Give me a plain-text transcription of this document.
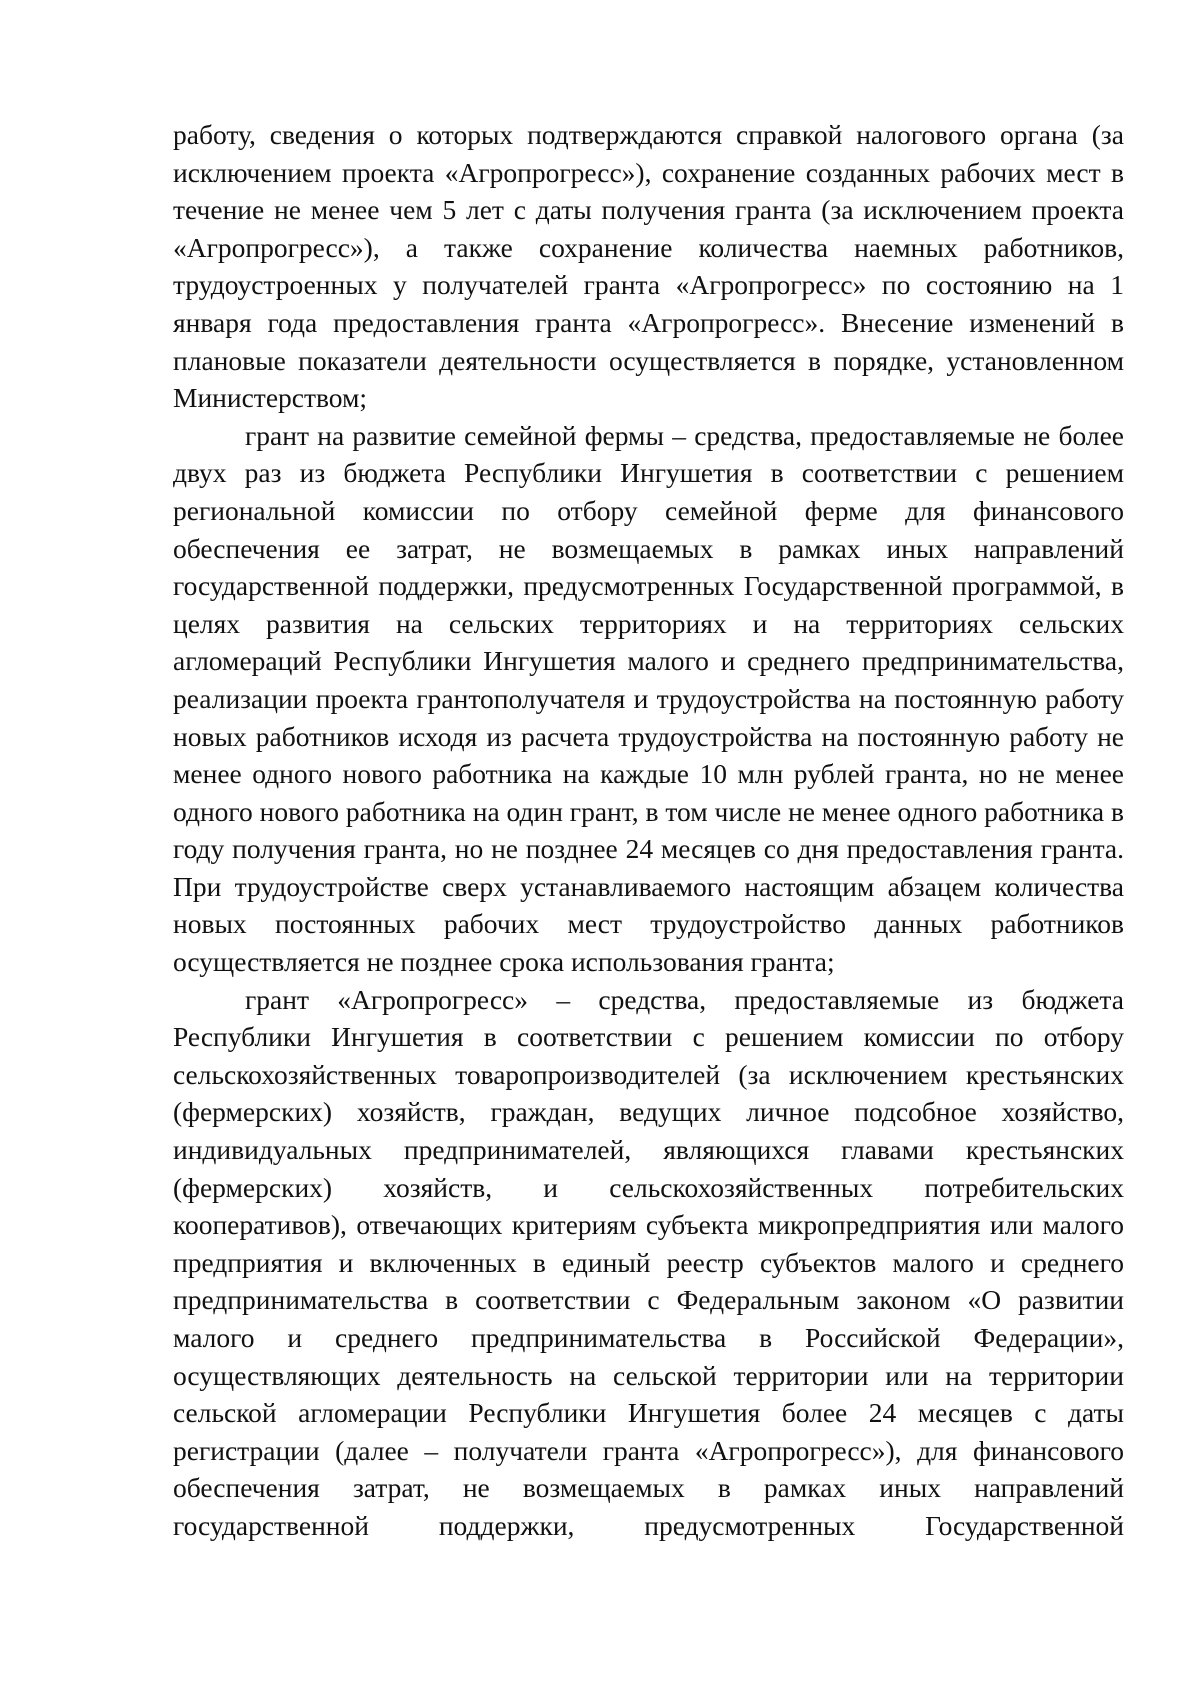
работу, сведения о которых подтверждаются справкой налогового органа (за исключением проекта «Агропрогресс»), сохранение созданных рабочих мест в течение не менее чем 5 лет с даты получения гранта (за исключением проекта «Агропрогресс»), а также сохранение количества наемных работников, трудоустроенных у получателей гранта «Агропрогресс» по состоянию на 1 января года предоставления гранта «Агропрогресс». Внесение изменений в плановые показатели деятельности осуществляется в порядке, установленном Министерством;

грант на развитие семейной фермы – средства, предоставляемые не более двух раз из бюджета Республики Ингушетия в соответствии с решением региональной комиссии по отбору семейной ферме для финансового обеспечения ее затрат, не возмещаемых в рамках иных направлений государственной поддержки, предусмотренных Государственной программой, в целях развития на сельских территориях и на территориях сельских агломераций Республики Ингушетия малого и среднего предпринимательства, реализации проекта грантополучателя и трудоустройства на постоянную работу новых работников исходя из расчета трудоустройства на постоянную работу не менее одного нового работника на каждые 10 млн рублей гранта, но не менее одного нового работника на один грант, в том числе не менее одного работника в году получения гранта, но не позднее 24 месяцев со дня предоставления гранта. При трудоустройстве сверх устанавливаемого настоящим абзацем количества новых постоянных рабочих мест трудоустройство данных работников осуществляется не позднее срока использования гранта;

грант «Агропрогресс» – средства, предоставляемые из бюджета Республики Ингушетия в соответствии с решением комиссии по отбору сельскохозяйственных товаропроизводителей (за исключением крестьянских (фермерских) хозяйств, граждан, ведущих личное подсобное хозяйство, индивидуальных предпринимателей, являющихся главами крестьянских (фермерских) хозяйств, и сельскохозяйственных потребительских кооперативов), отвечающих критериям субъекта микропредприятия или малого предприятия и включенных в единый реестр субъектов малого и среднего предпринимательства в соответствии с Федеральным законом «О развитии малого и среднего предпринимательства в Российской Федерации», осуществляющих деятельность на сельской территории или на территории сельской агломерации Республики Ингушетия более 24 месяцев с даты регистрации (далее – получатели гранта «Агропрогресс»), для финансового обеспечения затрат, не возмещаемых в рамках иных направлений государственной поддержки, предусмотренных Государственной
